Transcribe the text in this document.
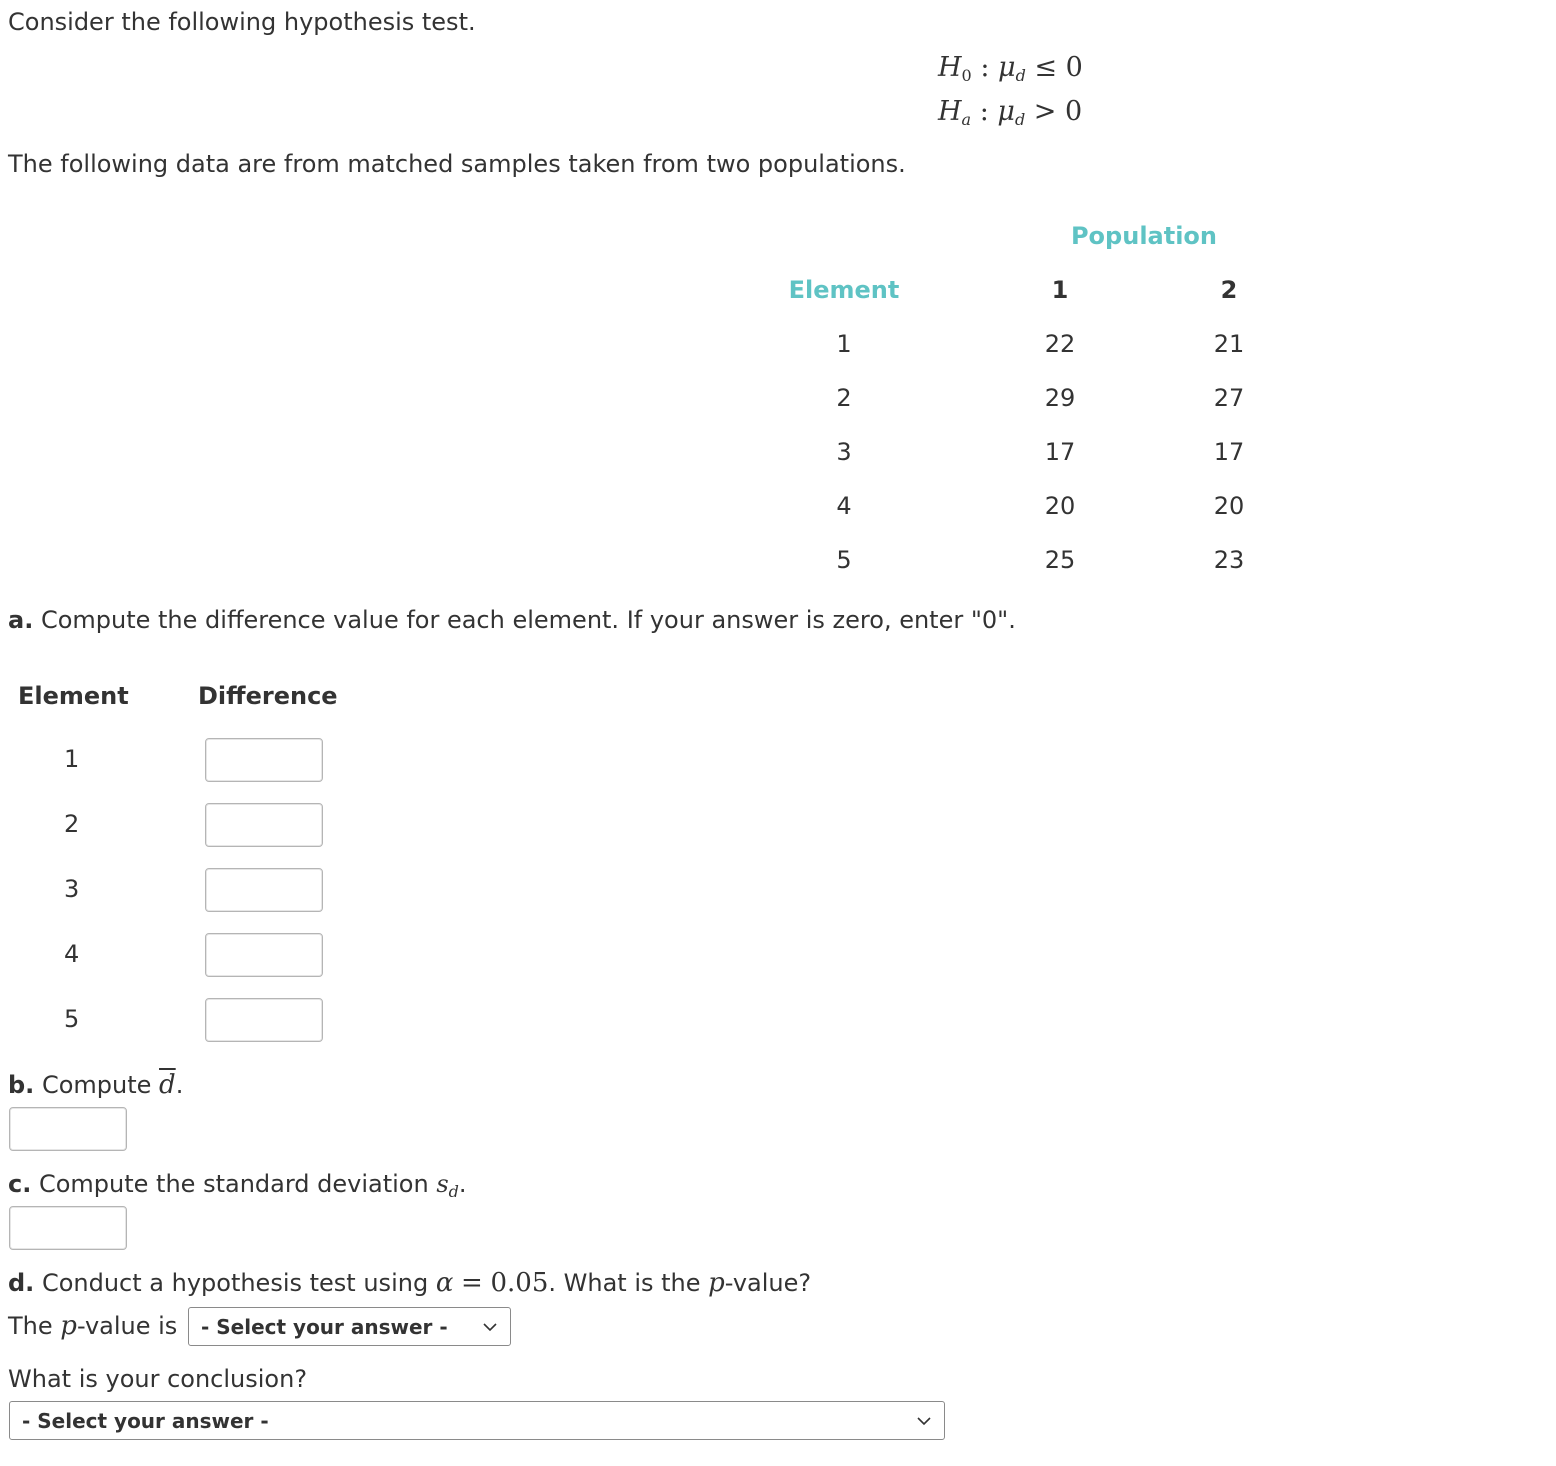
Consider the following hypothesis test.
$H_0$ : $\mu_d \le 0$
$H_a$ : $\mu_d > 0$
The following data are from matched samples taken from two populations.
Population
Element	1	2
1	22	21
2	29	27
3	17	17
4	20	20
5	25	23
a. Compute the difference value for each element. If your answer is zero, enter "0".
Element	Difference
1
2
3
4
5
b. Compute $\overline{d}$.
c. Compute the standard deviation $s_d$.
d. Conduct a hypothesis test using α = 0.05. What is the p-value?
The p-value is - Select your answer -
What is your conclusion?
- Select your answer -
